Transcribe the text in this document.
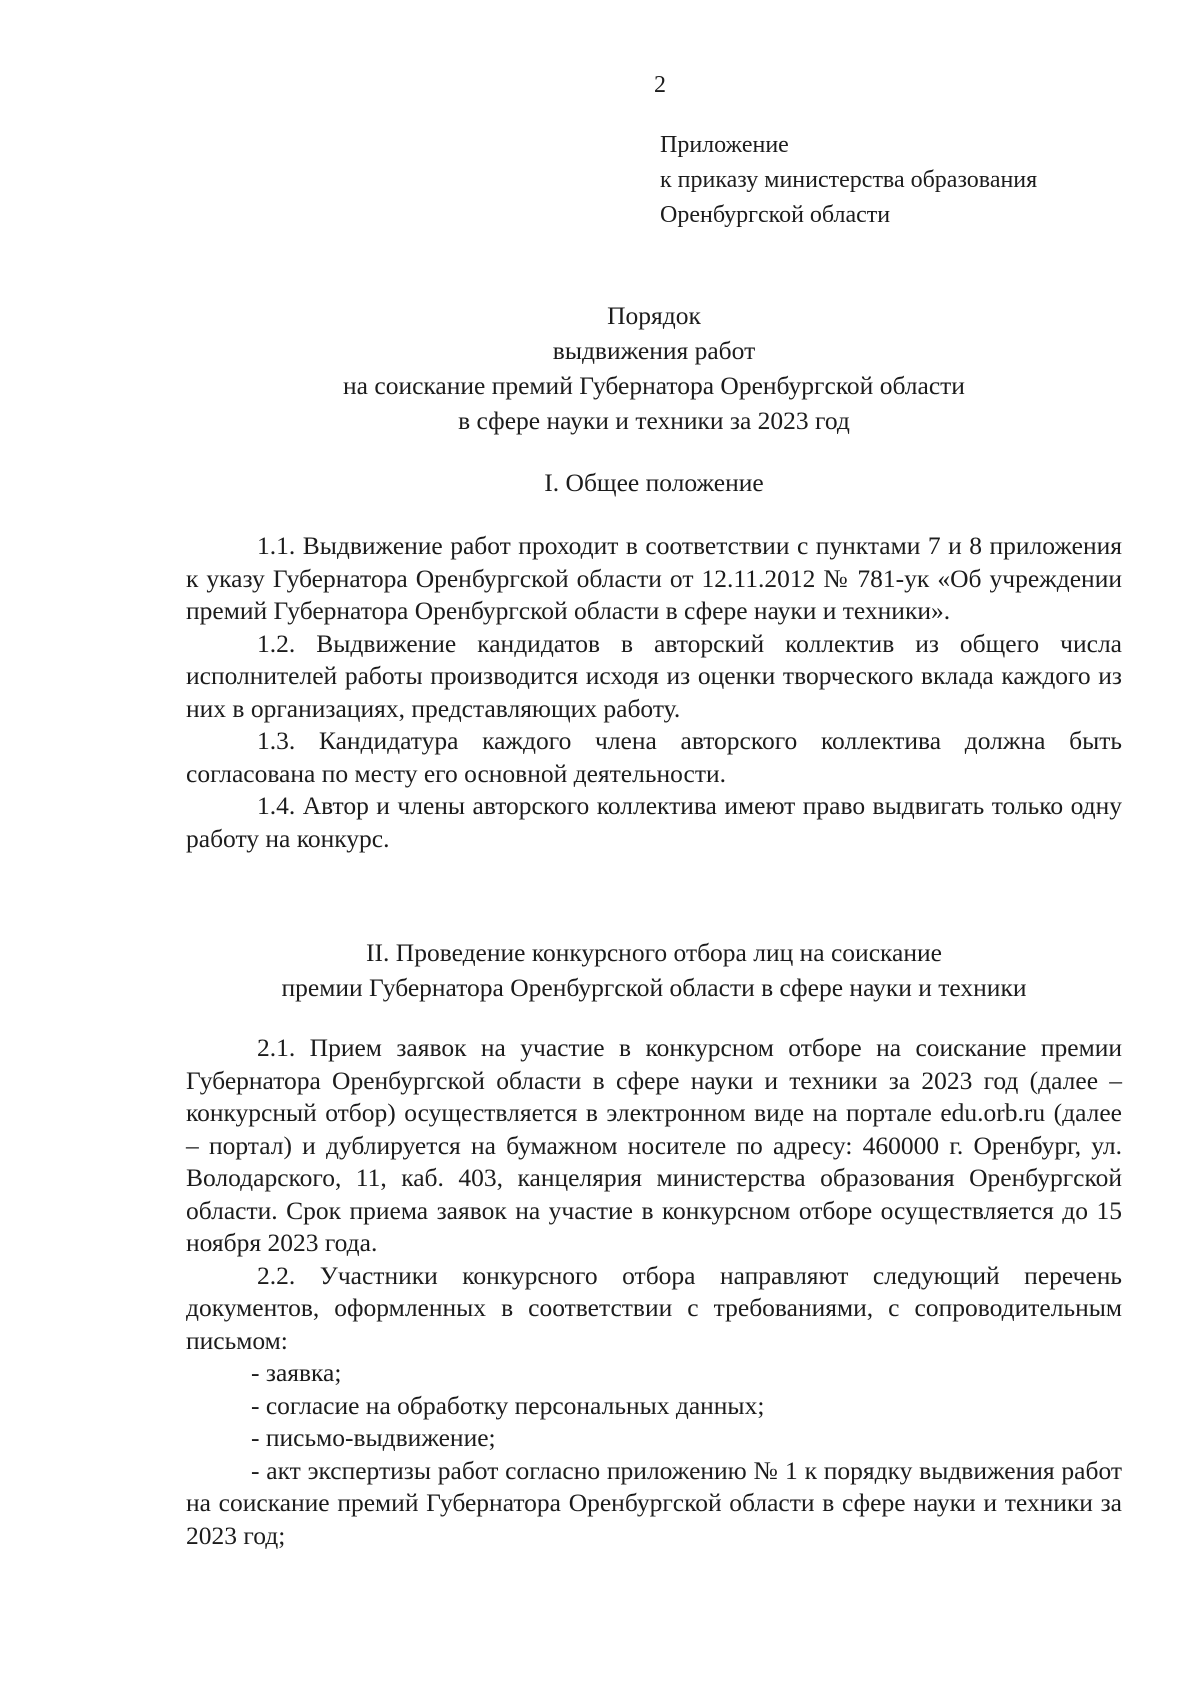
2
Приложение
к приказу министерства образования
Оренбургской области
Порядок
выдвижения работ
на соискание премий Губернатора Оренбургской области
в сфере науки и техники за 2023 год
I. Общее положение

1.1. Выдвижение работ проходит в соответствии с пунктами 7 и 8 приложения к указу Губернатора Оренбургской области от 12.11.2012 № 781-ук «Об учреждении премий Губернатора Оренбургской области в сфере науки и техники».

1.2. Выдвижение кандидатов в авторский коллектив из общего числа исполнителей работы производится исходя из оценки творческого вклада каждого из них в организациях, представляющих работу.

1.3. Кандидатура каждого члена авторского коллектива должна быть согласована по месту его основной деятельности.

1.4. Автор и члены авторского коллектива имеют право выдвигать только одну работу на конкурс.

II. Проведение конкурсного отбора лиц на соискание
премии Губернатора Оренбургской области в сфере науки и техники

2.1. Прием заявок на участие в конкурсном отборе на соискание премии Губернатора Оренбургской области в сфере науки и техники за 2023 год (далее – конкурсный отбор) осуществляется в электронном виде на портале edu.orb.ru (далее – портал) и дублируется на бумажном носителе по адресу: 460000 г. Оренбург, ул. Володарского, 11, каб. 403, канцелярия министерства образования Оренбургской области. Срок приема заявок на участие в конкурсном отборе осуществляется до 15 ноября 2023 года.

2.2. Участники конкурсного отбора направляют следующий перечень документов, оформленных в соответствии с требованиями, с сопроводительным письмом:

- заявка;

- согласие на обработку персональных данных;

- письмо-выдвижение;

- акт экспертизы работ согласно приложению № 1 к порядку выдвижения работ на соискание премий Губернатора Оренбургской области в сфере науки и техники за 2023 год;
